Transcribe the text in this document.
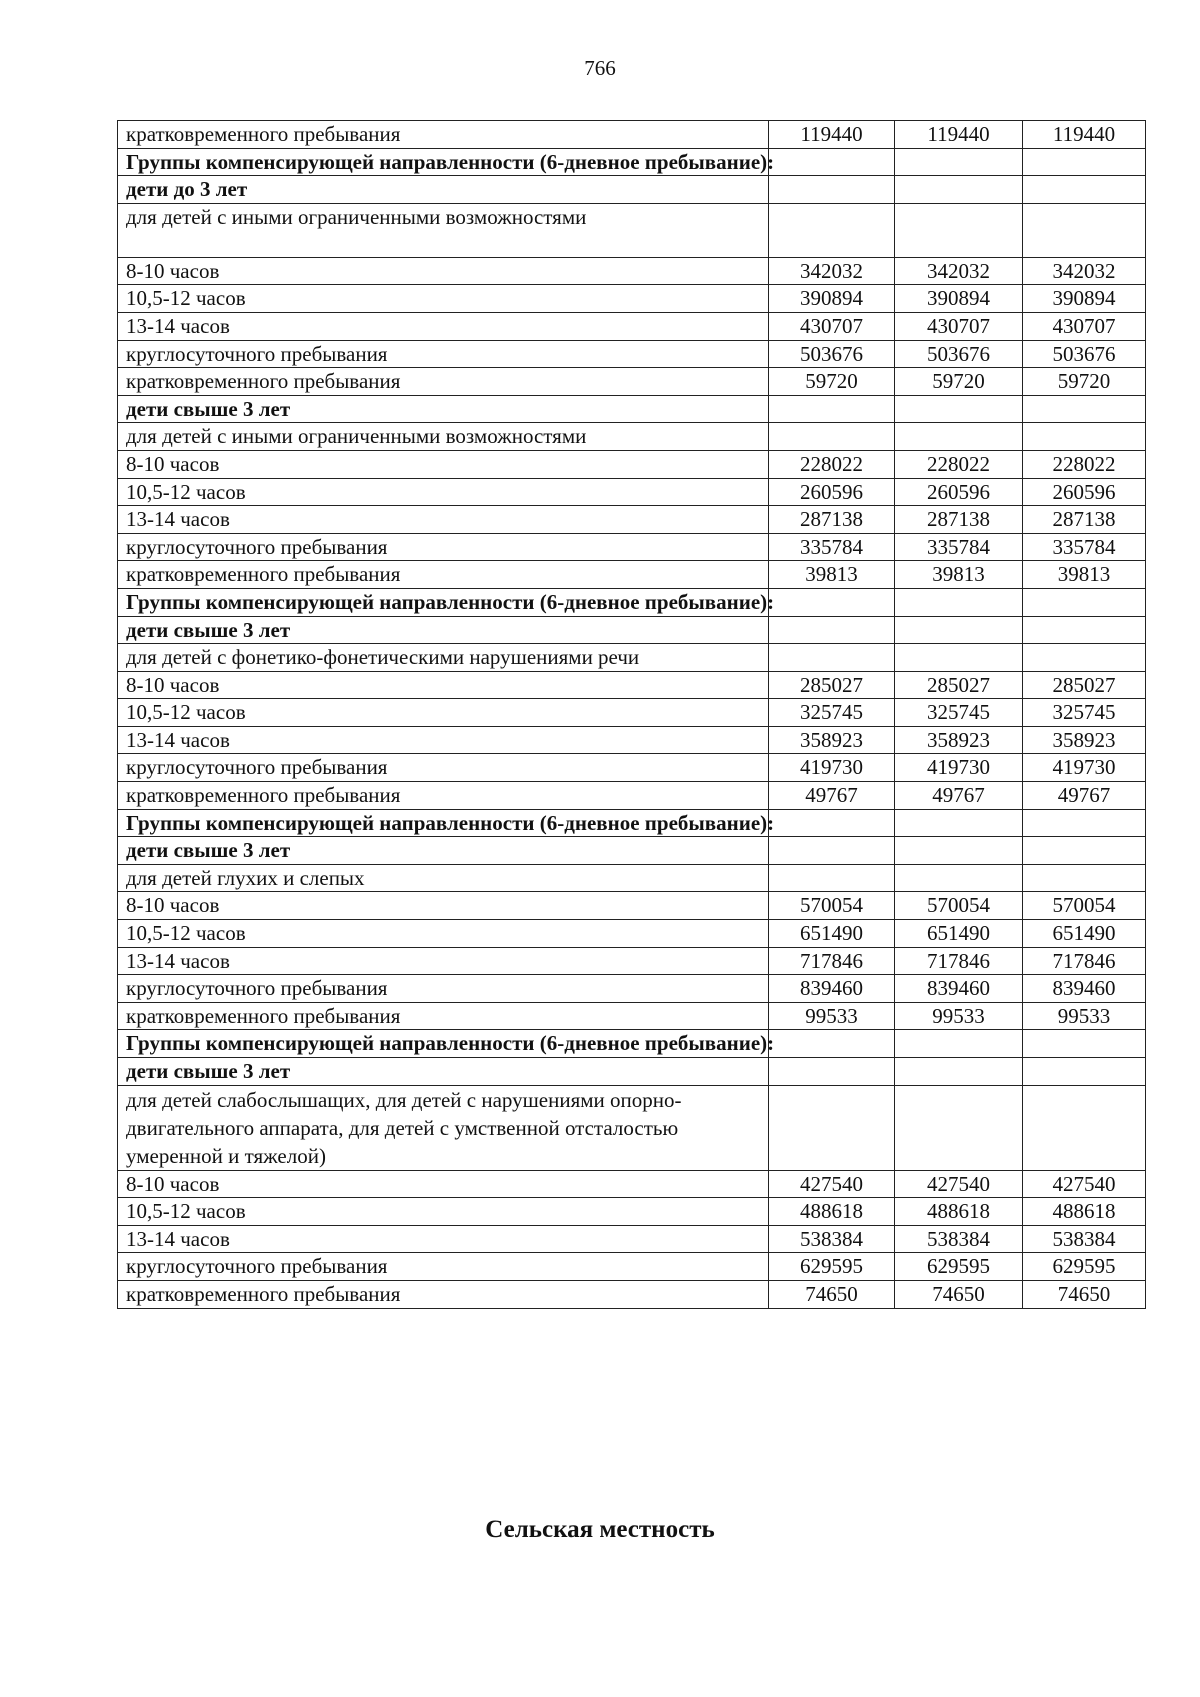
766
кратковременного пребывания	119440	119440	119440
Группы компенсирующей направленности (6-дневное пребывание):			
дети до 3 лет			
для детей с иными ограниченными возможностями			
8-10 часов	342032	342032	342032
10,5-12 часов	390894	390894	390894
13-14 часов	430707	430707	430707
круглосуточного пребывания	503676	503676	503676
кратковременного пребывания	59720	59720	59720
дети свыше 3 лет			
для детей с иными ограниченными возможностями			
8-10 часов	228022	228022	228022
10,5-12 часов	260596	260596	260596
13-14 часов	287138	287138	287138
круглосуточного пребывания	335784	335784	335784
кратковременного пребывания	39813	39813	39813
Группы компенсирующей направленности (6-дневное пребывание):			
дети свыше 3 лет			
для детей с фонетико-фонетическими нарушениями речи			
8-10 часов	285027	285027	285027
10,5-12 часов	325745	325745	325745
13-14 часов	358923	358923	358923
круглосуточного пребывания	419730	419730	419730
кратковременного пребывания	49767	49767	49767
Группы компенсирующей направленности (6-дневное пребывание):			
дети свыше 3 лет			
для детей глухих и слепых			
8-10 часов	570054	570054	570054
10,5-12 часов	651490	651490	651490
13-14 часов	717846	717846	717846
круглосуточного пребывания	839460	839460	839460
кратковременного пребывания	99533	99533	99533
Группы компенсирующей направленности (6-дневное пребывание):			
дети свыше 3 лет			
для детей слабослышащих, для детей с нарушениями опорно-двигательного аппарата, для детей с умственной отсталостью умеренной и тяжелой)			
8-10 часов	427540	427540	427540
10,5-12 часов	488618	488618	488618
13-14 часов	538384	538384	538384
круглосуточного пребывания	629595	629595	629595
кратковременного пребывания	74650	74650	74650
Сельская местность
